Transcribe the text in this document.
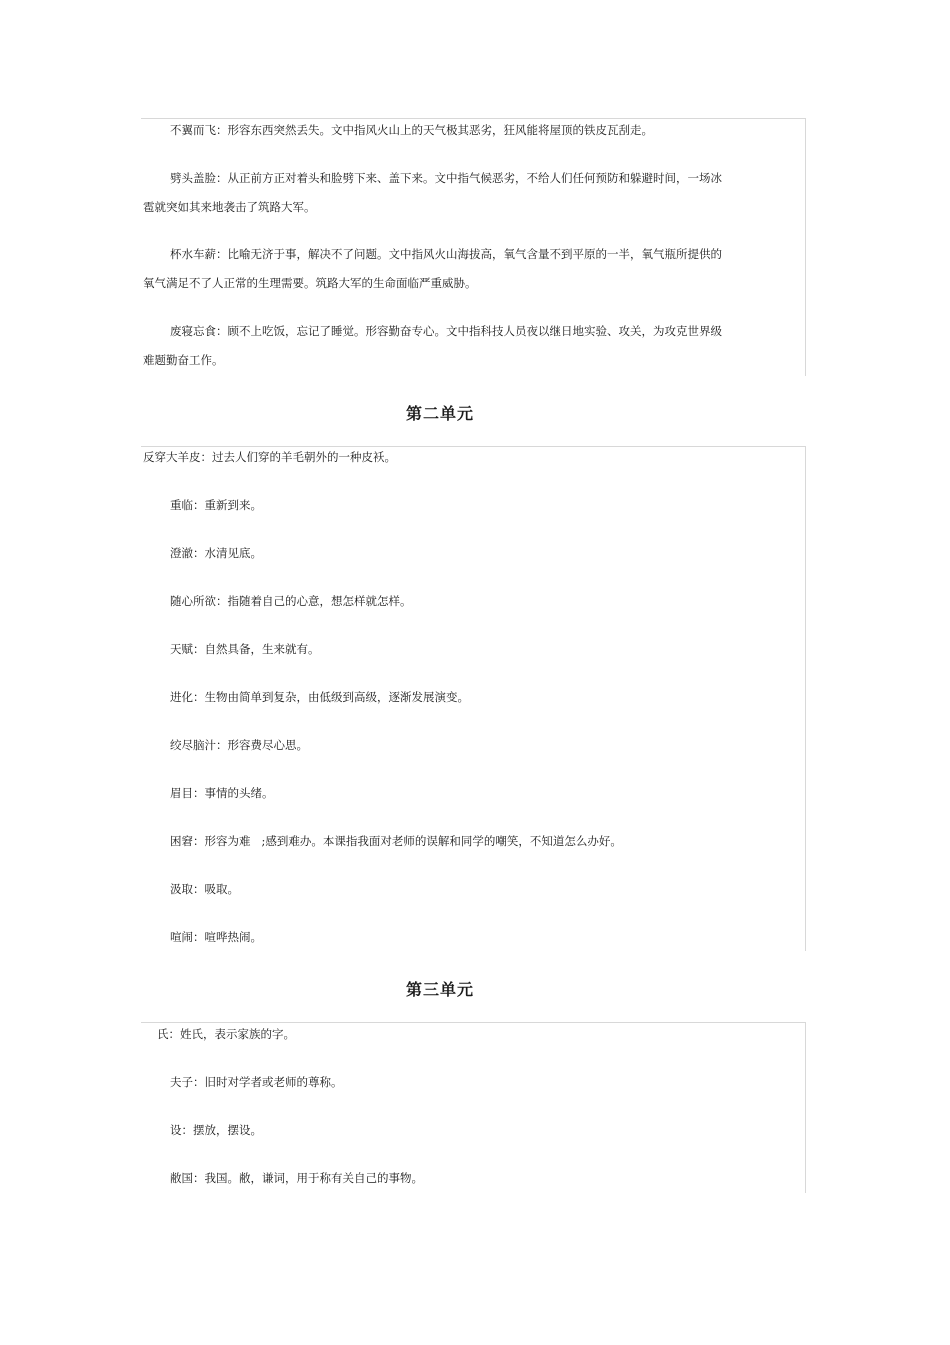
不翼而飞：形容东西突然丢失。文中指风火山上的天气极其恶劣，狂风能将屋顶的铁皮瓦刮走。

劈头盖脸：从正前方正对着头和脸劈下来、盖下来。文中指气候恶劣，不给人们任何预防和躲避时间，一场冰雹就突如其来地袭击了筑路大军。

杯水车薪：比喻无济于事，解决不了问题。文中指风火山海拔高，氧气含量不到平原的一半，氧气瓶所提供的氧气满足不了人正常的生理需要。筑路大军的生命面临严重威胁。

废寝忘食：顾不上吃饭，忘记了睡觉。形容勤奋专心。文中指科技人员夜以继日地实验、攻关，为攻克世界级难题勤奋工作。

第二单元

反穿大羊皮：过去人们穿的羊毛朝外的一种皮袄。

重临：重新到来。

澄澈：水清见底。

随心所欲：指随着自己的心意，想怎样就怎样。

天赋：自然具备，生来就有。

进化：生物由简单到复杂，由低级到高级，逐渐发展演变。

绞尽脑汁：形容费尽心思。

眉目：事情的头绪。

困窘：形容为难   ;感到难办。本课指我面对老师的误解和同学的嘲笑，不知道怎么办好。

汲取：吸取。

喧闹：喧哗热闹。

第三单元

氏：姓氏，表示家族的字。

夫子：旧时对学者或老师的尊称。

设：摆放，摆设。

敝国：我国。敝，谦词，用于称有关自己的事物。
